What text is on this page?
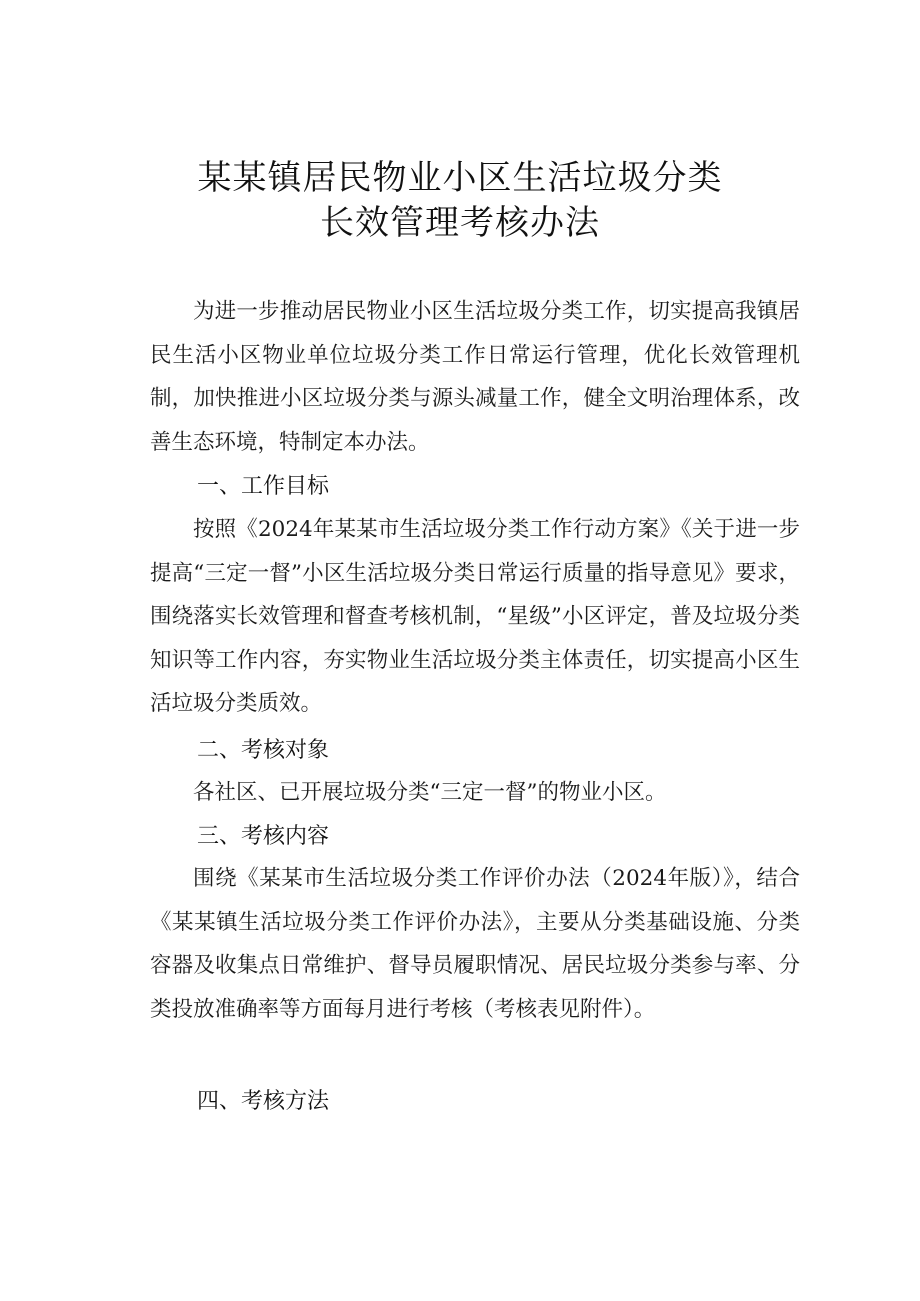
某某镇居民物业小区生活垃圾分类
长效管理考核办法

为进一步推动居民物业小区生活垃圾分类工作，切实提高我镇居民生活小区物业单位垃圾分类工作日常运行管理，优化长效管理机制，加快推进小区垃圾分类与源头减量工作，健全文明治理体系，改善生态环境，特制定本办法。

一、工作目标

按照《2024年某某市生活垃圾分类工作行动方案》《关于进一步提高“三定一督”小区生活垃圾分类日常运行质量的指导意见》要求，围绕落实长效管理和督查考核机制，“星级”小区评定，普及垃圾分类知识等工作内容，夯实物业生活垃圾分类主体责任，切实提高小区生活垃圾分类质效。

二、考核对象

各社区、已开展垃圾分类“三定一督”的物业小区。

三、考核内容

围绕《某某市生活垃圾分类工作评价办法（2024年版）》，结合《某某镇生活垃圾分类工作评价办法》，主要从分类基础设施、分类容器及收集点日常维护、督导员履职情况、居民垃圾分类参与率、分类投放准确率等方面每月进行考核（考核表见附件）。

四、考核方法
